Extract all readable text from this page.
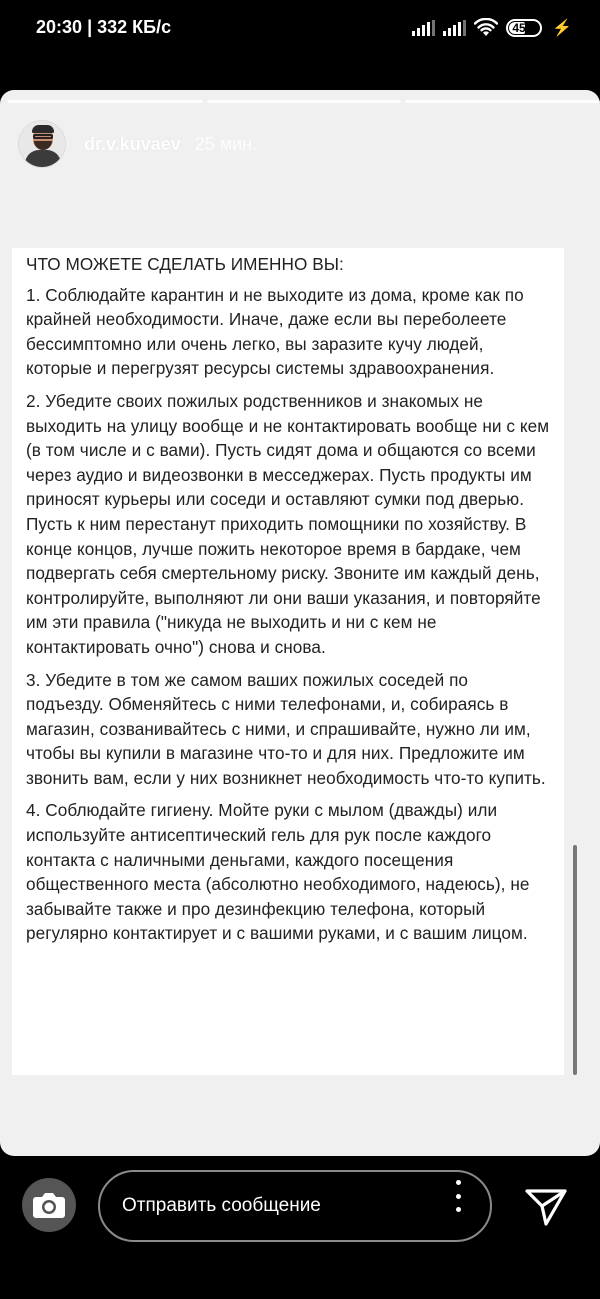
20:30 | 332 КБ/с	45 ⚡
dr.v.kuvaev 25 мин.

ЧТО МОЖЕТЕ СДЕЛАТЬ ИМЕННО ВЫ:

1. Соблюдайте карантин и не выходите из дома, кроме как по крайней необходимости. Иначе, даже если вы переболеете бессимптомно или очень легко, вы заразите кучу людей, которые и перегрузят ресурсы системы здравоохранения.

2. Убедите своих пожилых родственников и знакомых не выходить на улицу вообще и не контактировать вообще ни с кем (в том числе и с вами). Пусть сидят дома и общаются со всеми через аудио и видеозвонки в месседжерах. Пусть продукты им приносят курьеры или соседи и оставляют сумки под дверью. Пусть к ним перестанут приходить помощники по хозяйству. В конце концов, лучше пожить некоторое время в бардаке, чем подвергать себя смертельному риску. Звоните им каждый день, контролируйте, выполняют ли они ваши указания, и повторяйте им эти правила ("никуда не выходить и ни с кем не контактировать очно") снова и снова.

3. Убедите в том же самом ваших пожилых соседей по подъезду. Обменяйтесь с ними телефонами, и, собираясь в магазин, созванивайтесь с ними, и спрашивайте, нужно ли им, чтобы вы купили в магазине что-то и для них. Предложите им звонить вам, если у них возникнет необходимость что-то купить.

4. Соблюдайте гигиену. Мойте руки с мылом (дважды) или используйте антисептический гель для рук после каждого контакта с наличными деньгами, каждого посещения общественного места (абсолютно необходимого, надеюсь), не забывайте также и про дезинфекцию телефона, который регулярно контактирует и с вашими руками, и с вашим лицом.

Отправить сообщение
